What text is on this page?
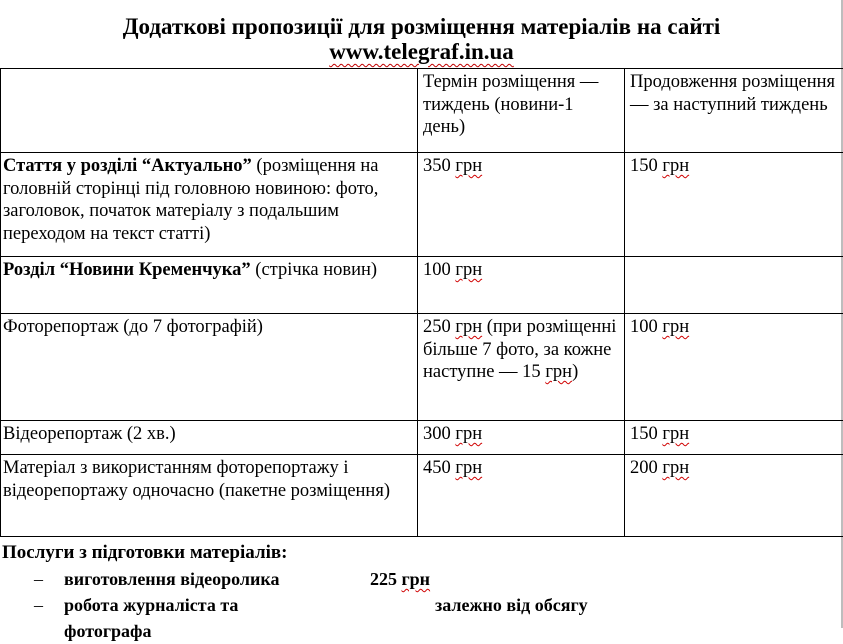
Додаткові пропозиції для розміщення матеріалів на сайті
www.telegraf.in.ua
	Термін розміщення — тиждень (новини-1 день)	Продовження розміщення — за наступний тиждень
Стаття у розділі “Актуально” (розміщення на головній сторінці під головною новиною: фото, заголовок, початок матеріалу з подальшим переходом на текст статті)	350 грн	150 грн
Розділ “Новини Кременчука” (стрічка новин)	100 грн	
Фоторепортаж (до 7 фотографій)	250 грн (при розміщенні більше 7 фото, за кожне наступне — 15 грн)	100 грн
Відеорепортаж (2 хв.)	300 грн	150 грн
Матеріал з використанням фоторепортажу і відеорепортажу одночасно (пакетне розміщення)	450 грн	200 грн
Послуги з підготовки матеріалів:
– виготовлення відеоролика	225 грн
– робота журналіста та фотографа
залежно від обсягу
